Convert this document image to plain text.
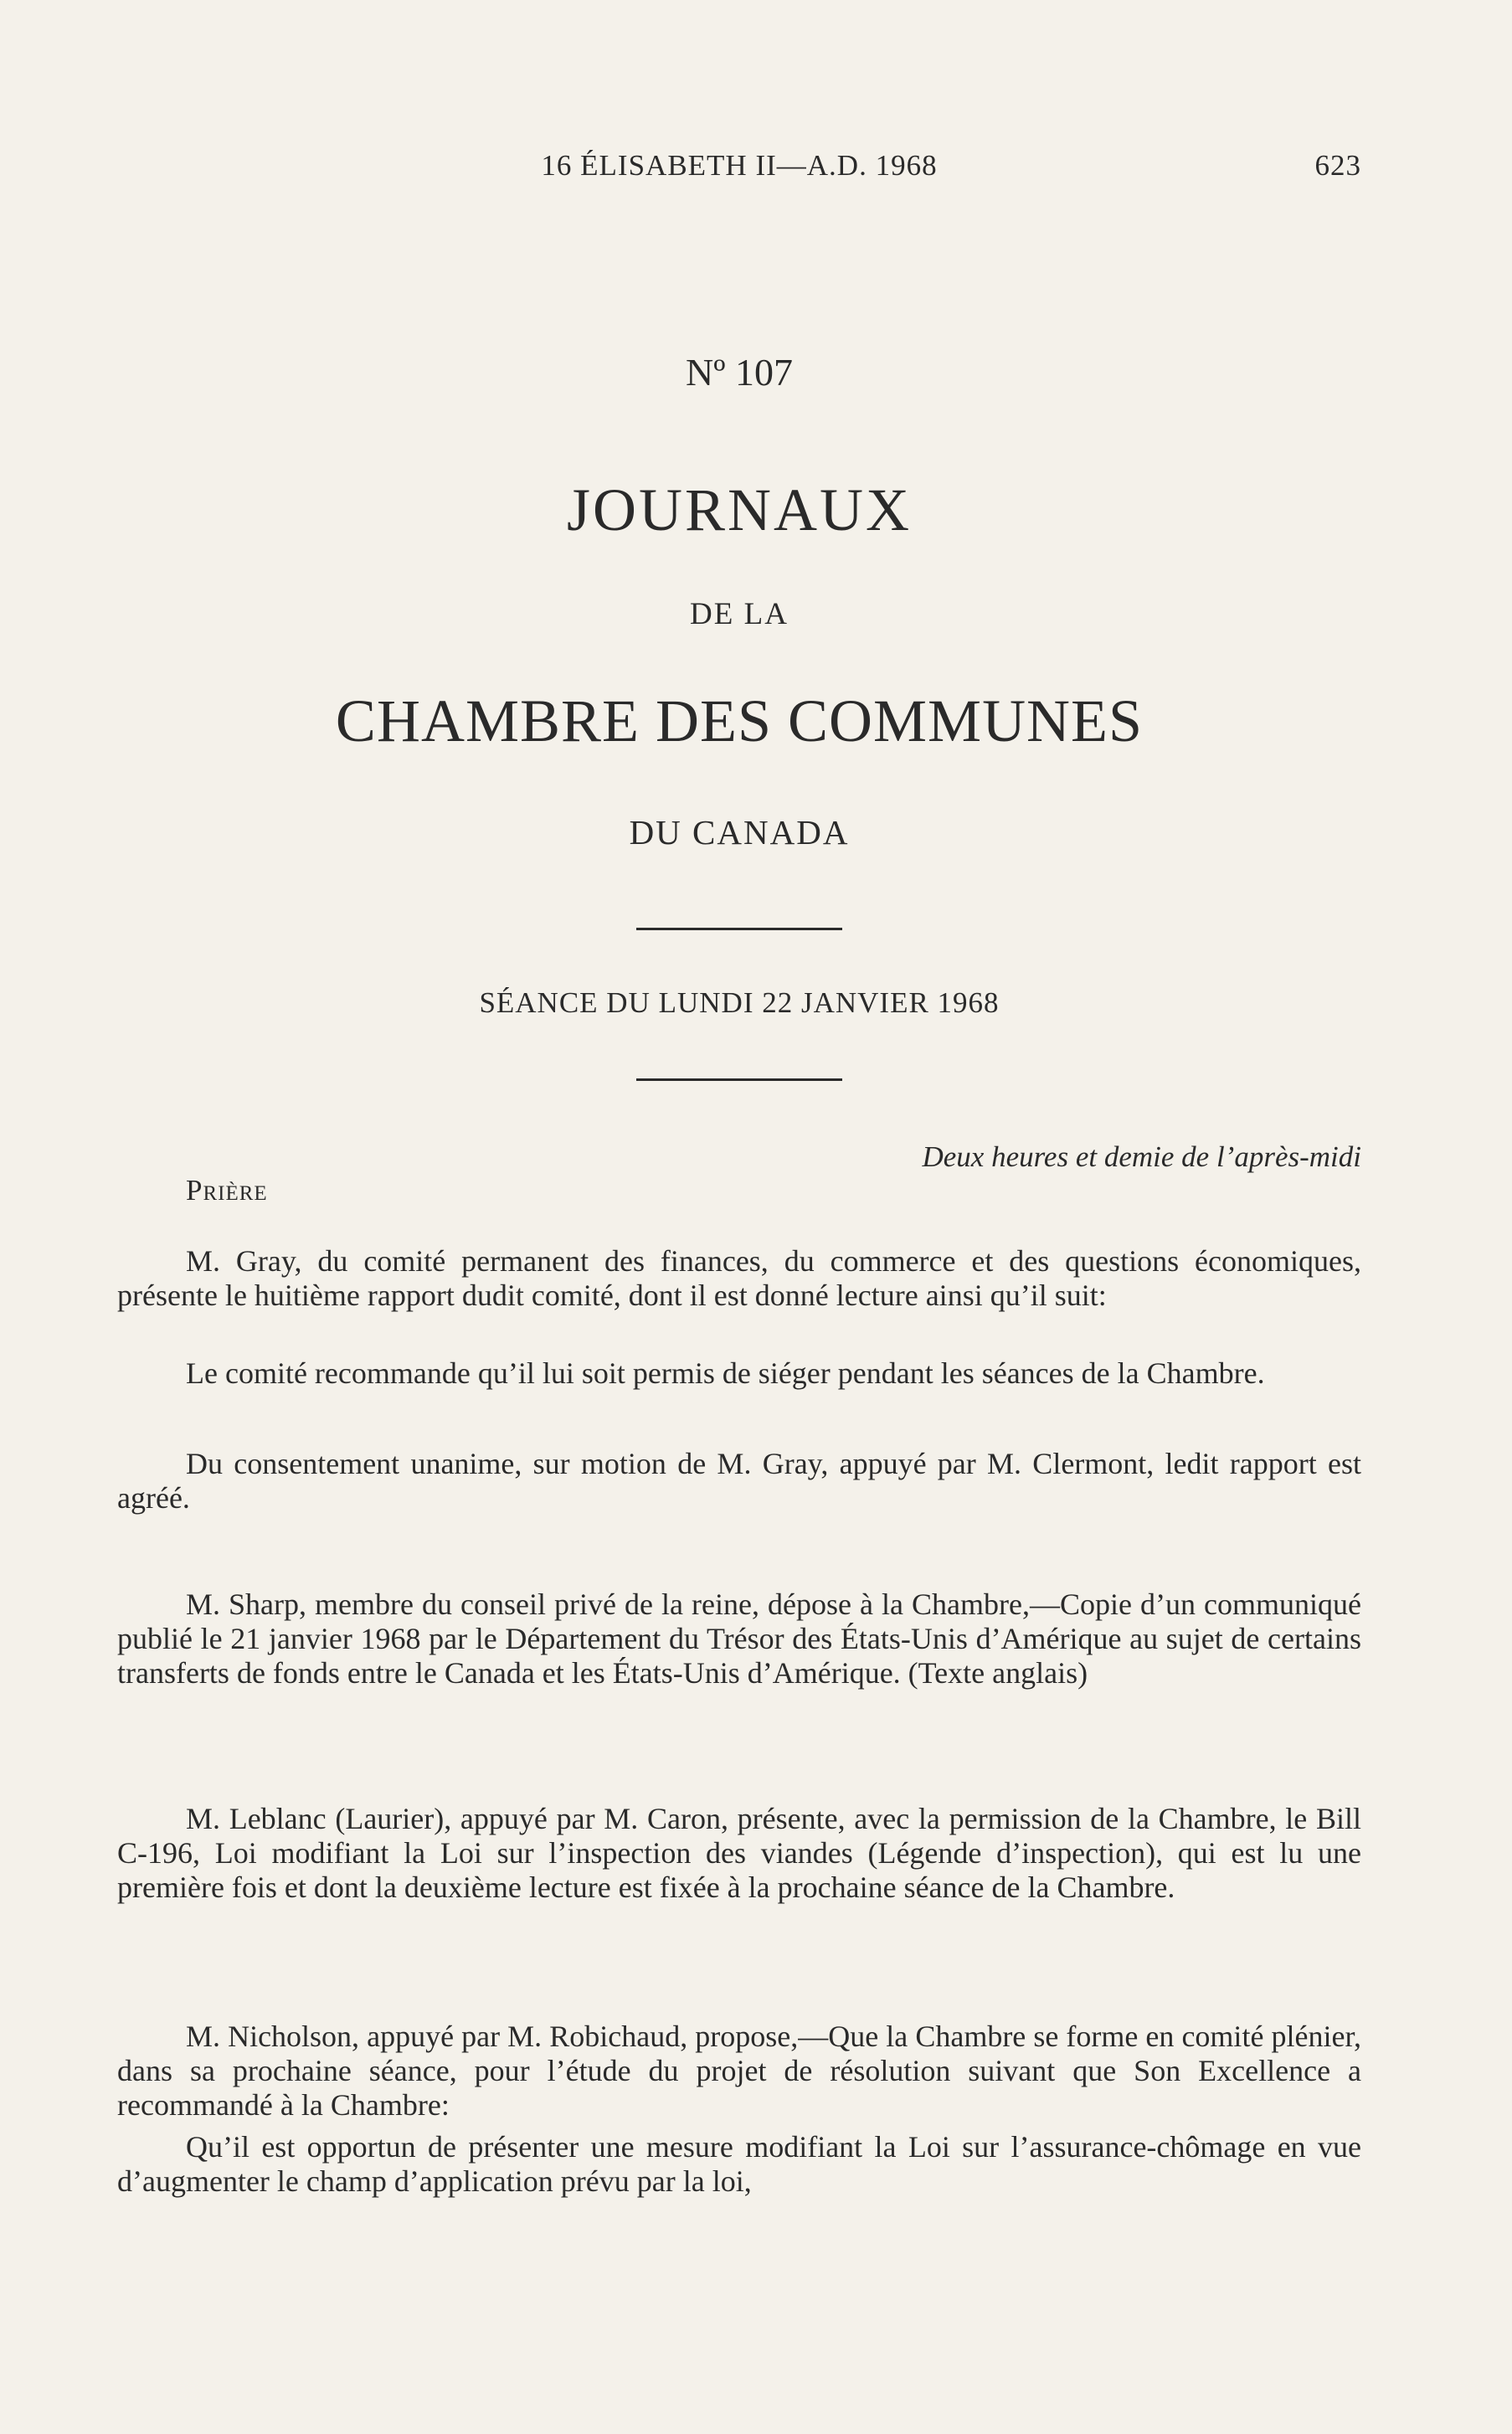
16 ÉLISABETH II—A.D. 1968	623
Nº 107
JOURNAUX
DE LA
CHAMBRE DES COMMUNES
DU CANADA
SÉANCE DU LUNDI 22 JANVIER 1968
Deux heures et demie de l’après-midi
Prière

M. Gray, du comité permanent des finances, du commerce et des questions économiques, présente le huitième rapport dudit comité, dont il est donné lecture ainsi qu’il suit:

Le comité recommande qu’il lui soit permis de siéger pendant les séances de la Chambre.

Du consentement unanime, sur motion de M. Gray, appuyé par M. Clermont, ledit rapport est agréé.

M. Sharp, membre du conseil privé de la reine, dépose à la Chambre,—Copie d’un communiqué publié le 21 janvier 1968 par le Département du Trésor des États-Unis d’Amérique au sujet de certains transferts de fonds entre le Canada et les États-Unis d’Amérique. (Texte anglais)

M. Leblanc (Laurier), appuyé par M. Caron, présente, avec la permission de la Chambre, le Bill C-196, Loi modifiant la Loi sur l’inspection des viandes (Légende d’inspection), qui est lu une première fois et dont la deuxième lecture est fixée à la prochaine séance de la Chambre.

M. Nicholson, appuyé par M. Robichaud, propose,—Que la Chambre se forme en comité plénier, dans sa prochaine séance, pour l’étude du projet de résolution suivant que Son Excellence a recommandé à la Chambre:

Qu’il est opportun de présenter une mesure modifiant la Loi sur l’assurance-chômage en vue d’augmenter le champ d’application prévu par la loi,
